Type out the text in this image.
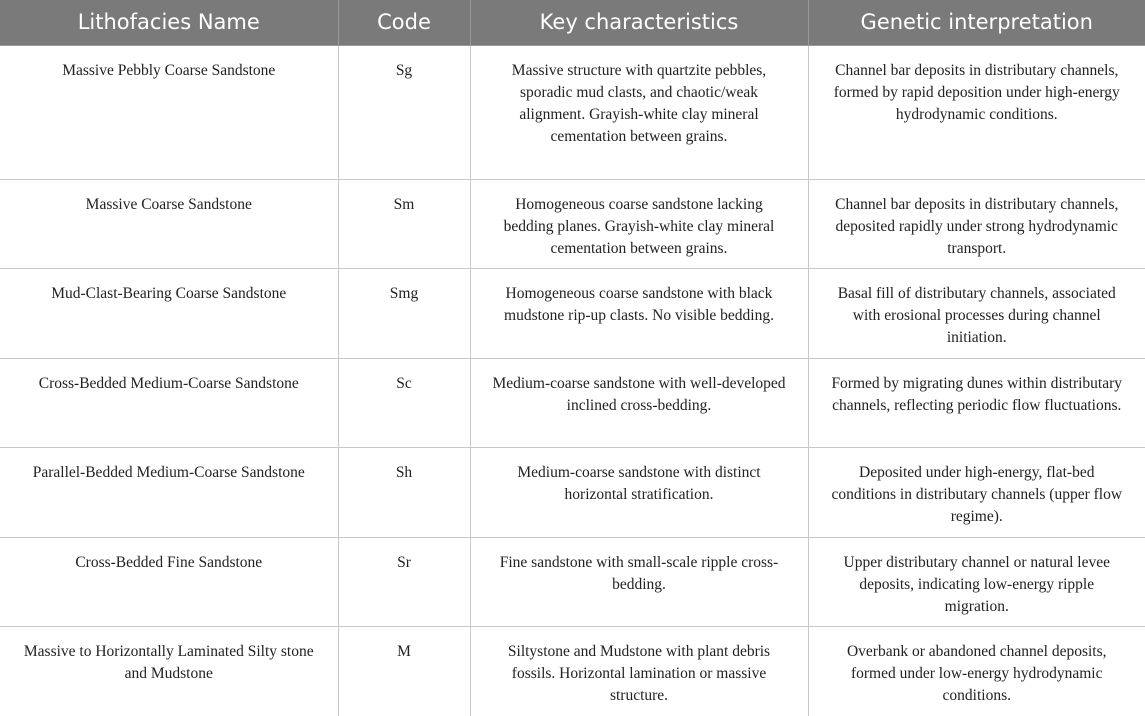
Lithofacies Name	Code	Key characteristics	Genetic interpretation
Massive Pebbly Coarse Sandstone	Sg	Massive structure with quartzite pebbles, sporadic mud clasts, and chaotic/weak alignment. Grayish-white clay mineral cementation between grains.	Channel bar deposits in distributary channels, formed by rapid deposition under high-energy hydrodynamic conditions.
Massive Coarse Sandstone	Sm	Homogeneous coarse sandstone lacking bedding planes. Grayish-white clay mineral cementation between grains.	Channel bar deposits in distributary channels, deposited rapidly under strong hydrodynamic transport.
Mud-Clast-Bearing Coarse Sandstone	Smg	Homogeneous coarse sandstone with black mudstone rip-up clasts. No visible bedding.	Basal fill of distributary channels, associated with erosional processes during channel initiation.
Cross-Bedded Medium-Coarse Sandstone	Sc	Medium-coarse sandstone with well-developed inclined cross-bedding.	Formed by migrating dunes within distributary channels, reflecting periodic flow fluctuations.
Parallel-Bedded Medium-Coarse Sandstone	Sh	Medium-coarse sandstone with distinct horizontal stratification.	Deposited under high-energy, flat-bed conditions in distributary channels (upper flow regime).
Cross-Bedded Fine Sandstone	Sr	Fine sandstone with small-scale ripple cross-bedding.	Upper distributary channel or natural levee deposits, indicating low-energy ripple migration.
Massive to Horizontally Laminated Silty stone and Mudstone	M	Siltystone and Mudstone with plant debris fossils. Horizontal lamination or massive structure.	Overbank or abandoned channel deposits, formed under low-energy hydrodynamic conditions.
